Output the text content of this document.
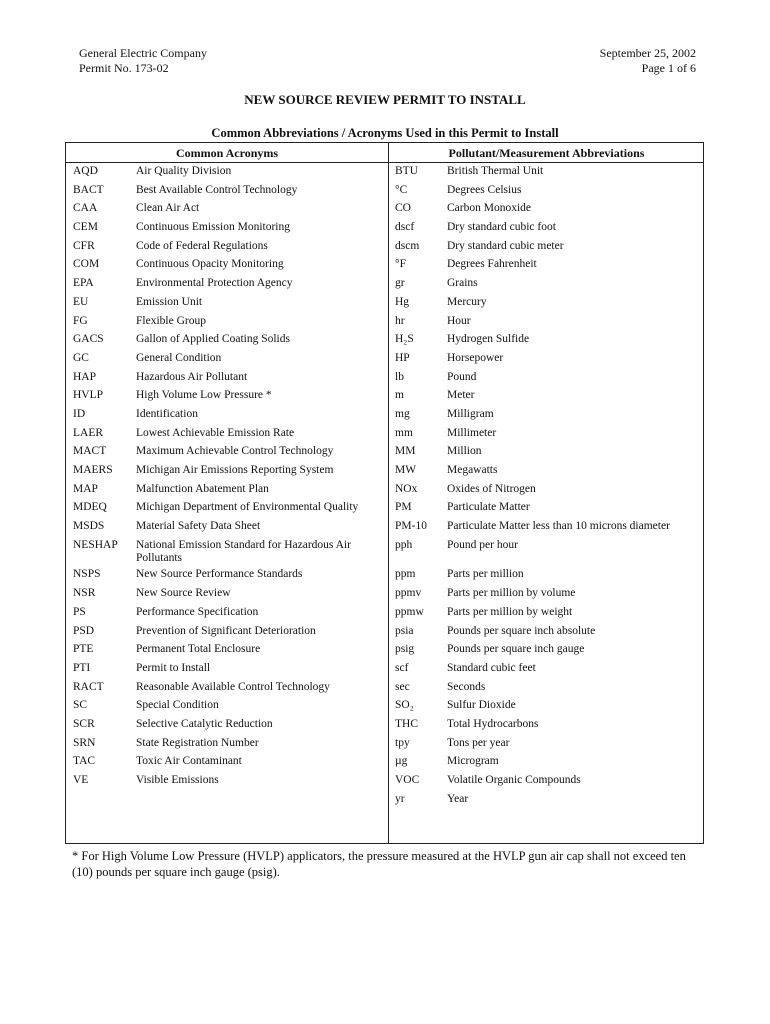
General Electric Company
Permit No. 173-02
September 25, 2002
Page 1 of 6
NEW SOURCE REVIEW PERMIT TO INSTALL
Common Abbreviations / Acronyms Used in this Permit to Install
Common Acronyms	Pollutant/Measurement Abbreviations
AQD	Air Quality Division
BACT	Best Available Control Technology
CAA	Clean Air Act
CEM	Continuous Emission Monitoring
CFR	Code of Federal Regulations
COM	Continuous Opacity Monitoring
EPA	Environmental Protection Agency
EU	Emission Unit
FG	Flexible Group
GACS	Gallon of Applied Coating Solids
GC	General Condition
HAP	Hazardous Air Pollutant
HVLP	High Volume Low Pressure *
ID	Identification
LAER	Lowest Achievable Emission Rate
MACT	Maximum Achievable Control Technology
MAERS	Michigan Air Emissions Reporting System
MAP	Malfunction Abatement Plan
MDEQ	Michigan Department of Environmental Quality
MSDS	Material Safety Data Sheet
NESHAP	National Emission Standard for Hazardous Air Pollutants
NSPS	New Source Performance Standards
NSR	New Source Review
PS	Performance Specification
PSD	Prevention of Significant Deterioration
PTE	Permanent Total Enclosure
PTI	Permit to Install
RACT	Reasonable Available Control Technology
SC	Special Condition
SCR	Selective Catalytic Reduction
SRN	State Registration Number
TAC	Toxic Air Contaminant
VE	Visible Emissions
BTU	British Thermal Unit
°C	Degrees Celsius
CO	Carbon Monoxide
dscf	Dry standard cubic foot
dscm	Dry standard cubic meter
°F	Degrees Fahrenheit
gr	Grains
Hg	Mercury
hr	Hour
H₂S	Hydrogen Sulfide
HP	Horsepower
lb	Pound
m	Meter
mg	Milligram
mm	Millimeter
MM	Million
MW	Megawatts
NOx	Oxides of Nitrogen
PM	Particulate Matter
PM-10	Particulate Matter less than 10 microns diameter
pph	Pound per hour
ppm	Parts per million
ppmv	Parts per million by volume
ppmw	Parts per million by weight
psia	Pounds per square inch absolute
psig	Pounds per square inch gauge
scf	Standard cubic feet
sec	Seconds
SO₂	Sulfur Dioxide
THC	Total Hydrocarbons
tpy	Tons per year
µg	Microgram
VOC	Volatile Organic Compounds
yr	Year
* For High Volume Low Pressure (HVLP) applicators, the pressure measured at the HVLP gun air cap shall not exceed ten (10) pounds per square inch gauge (psig).
